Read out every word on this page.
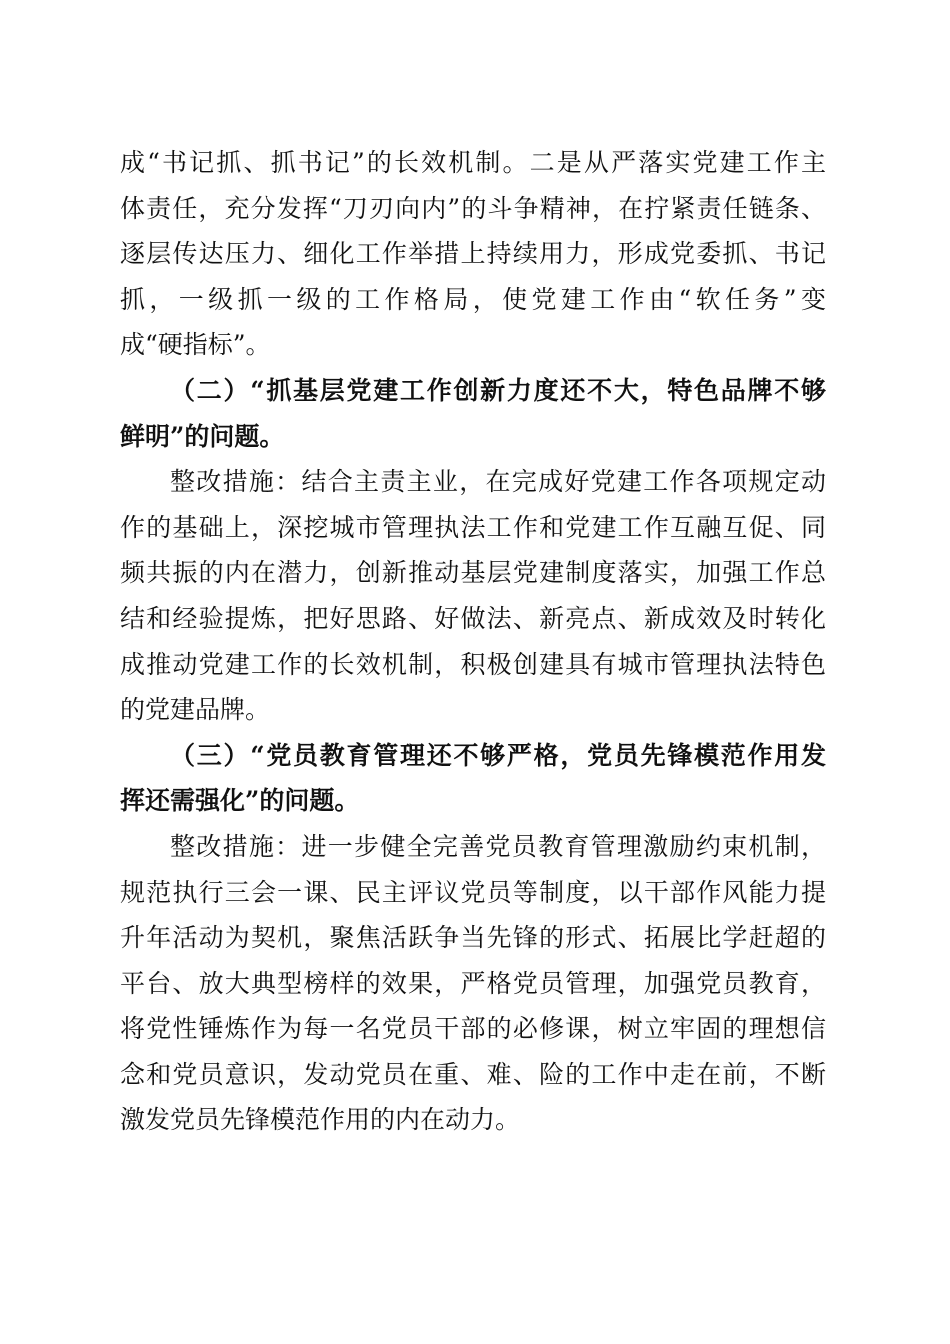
成“书记抓、抓书记”的长效机制。二是从严落实党建工作主
体责任，充分发挥“刀刃向内”的斗争精神，在拧紧责任链条、
逐层传达压力、细化工作举措上持续用力，形成党委抓、书记
抓，一级抓一级的工作格局，使党建工作由“软任务”变
成“硬指标”。
（二）“抓基层党建工作创新力度还不大，特色品牌不够
鲜明”的问题。
整改措施：结合主责主业，在完成好党建工作各项规定动
作的基础上，深挖城市管理执法工作和党建工作互融互促、同
频共振的内在潜力，创新推动基层党建制度落实，加强工作总
结和经验提炼，把好思路、好做法、新亮点、新成效及时转化
成推动党建工作的长效机制，积极创建具有城市管理执法特色
的党建品牌。
（三）“党员教育管理还不够严格，党员先锋模范作用发
挥还需强化”的问题。
整改措施：进一步健全完善党员教育管理激励约束机制，
规范执行三会一课、民主评议党员等制度，以干部作风能力提
升年活动为契机，聚焦活跃争当先锋的形式、拓展比学赶超的
平台、放大典型榜样的效果，严格党员管理，加强党员教育，
将党性锤炼作为每一名党员干部的必修课，树立牢固的理想信
念和党员意识，发动党员在重、难、险的工作中走在前，不断
激发党员先锋模范作用的内在动力。
